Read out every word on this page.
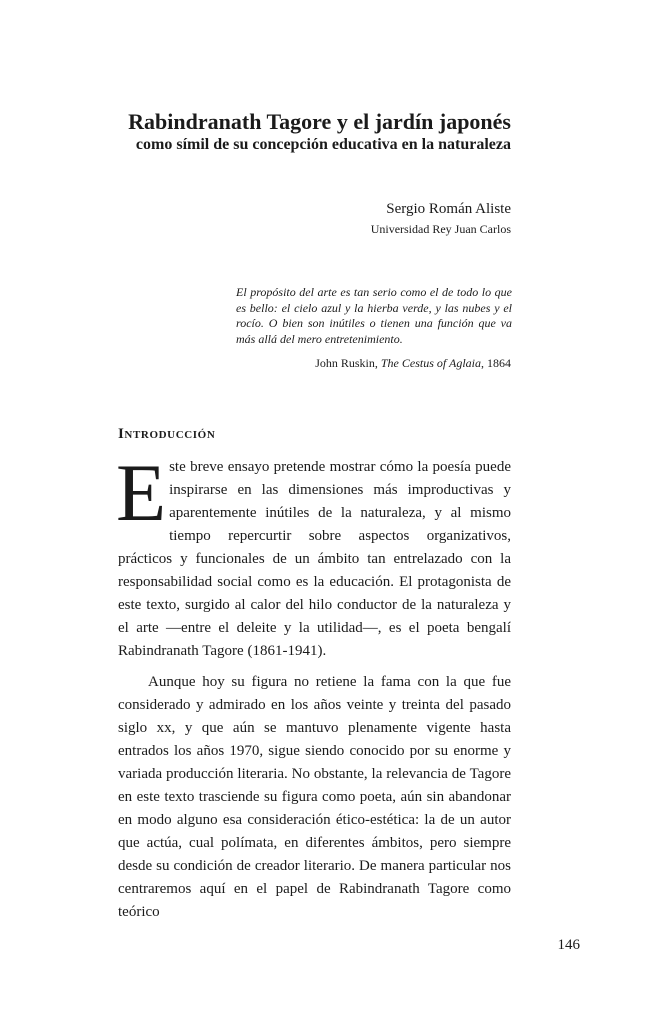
Rabindranath Tagore y el jardín japonés
como símil de su concepción educativa en la naturaleza
Sergio Román Aliste
Universidad Rey Juan Carlos
El propósito del arte es tan serio como el de todo lo que es bello: el cielo azul y la hierba verde, y las nubes y el rocío. O bien son inútiles o tienen una función que va más allá del mero entretenimiento.
John Ruskin, The Cestus of Aglaia, 1864
Introducción

Este breve ensayo pretende mostrar cómo la poesía puede inspirarse en las dimensiones más improductivas y aparentemente inútiles de la naturaleza, y al mismo tiempo repercurtir sobre aspectos organizativos, prácticos y funcionales de un ámbito tan entrelazado con la responsabilidad social como es la educación. El protagonista de este texto, surgido al calor del hilo conductor de la naturaleza y el arte —entre el deleite y la utilidad—, es el poeta bengalí Rabindranath Tagore (1861-1941).

Aunque hoy su figura no retiene la fama con la que fue considerado y admirado en los años veinte y treinta del pasado siglo xx, y que aún se mantuvo plenamente vigente hasta entrados los años 1970, sigue siendo conocido por su enorme y variada producción literaria. No obstante, la relevancia de Tagore en este texto trasciende su figura como poeta, aún sin abandonar en modo alguno esa consideración ético-estética: la de un autor que actúa, cual polímata, en diferentes ámbitos, pero siempre desde su condición de creador literario. De manera particular nos centraremos aquí en el papel de Rabindranath Tagore como teórico

146
